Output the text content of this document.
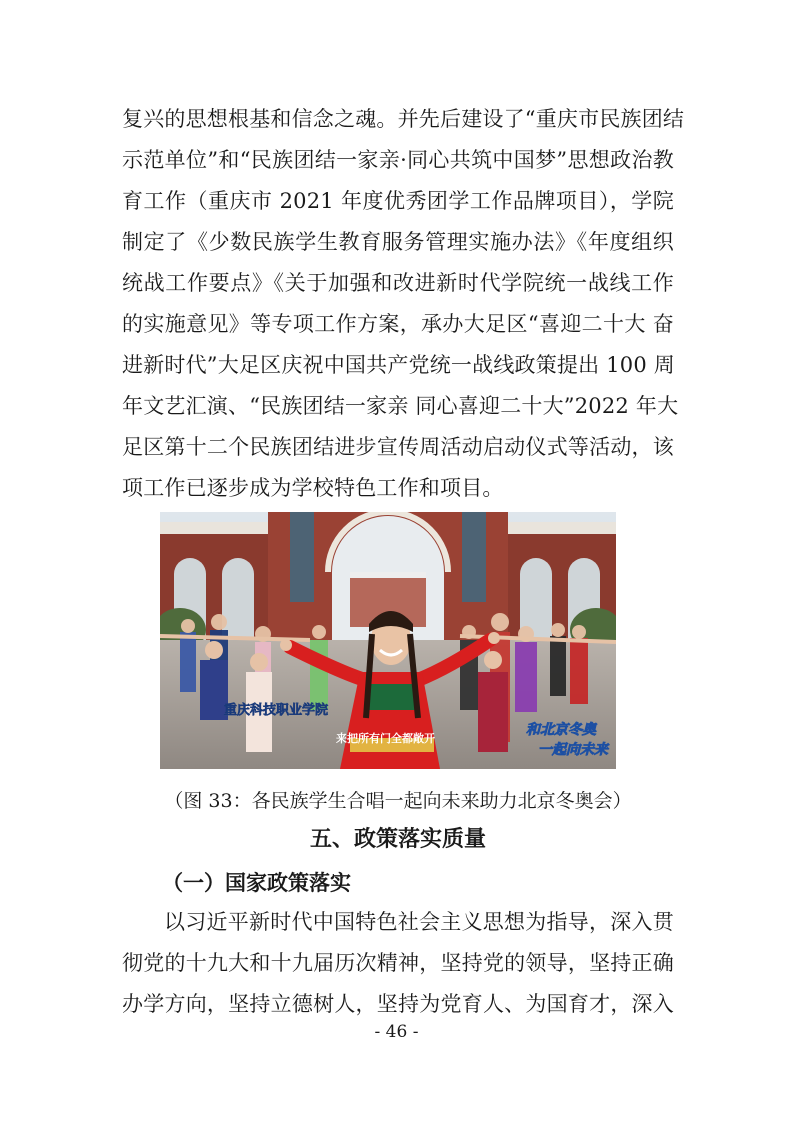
复兴的思想根基和信念之魂。并先后建设了“重庆市民族团结
示范单位”和“民族团结一家亲·同心共筑中国梦”思想政治教
育工作（重庆市 2021 年度优秀团学工作品牌项目），学院
制定了《少数民族学生教育服务管理实施办法》《年度组织
统战工作要点》《关于加强和改进新时代学院统一战线工作
的实施意见》等专项工作方案，承办大足区“喜迎二十大 奋
进新时代”大足区庆祝中国共产党统一战线政策提出 100 周
年文艺汇演、“民族团结一家亲 同心喜迎二十大”2022 年大
足区第十二个民族团结进步宣传周活动启动仪式等活动，该
项工作已逐步成为学校特色工作和项目。
重庆科技职业学院
来把所有门全都敞开
和北京冬奥
一起向未来
（图 33：各民族学生合唱一起向未来助力北京冬奥会）
五、政策落实质量
（一）国家政策落实
以习近平新时代中国特色社会主义思想为指导，深入贯
彻党的十九大和十九届历次精神，坚持党的领导，坚持正确
办学方向，坚持立德树人，坚持为党育人、为国育才，深入
- 46 -
